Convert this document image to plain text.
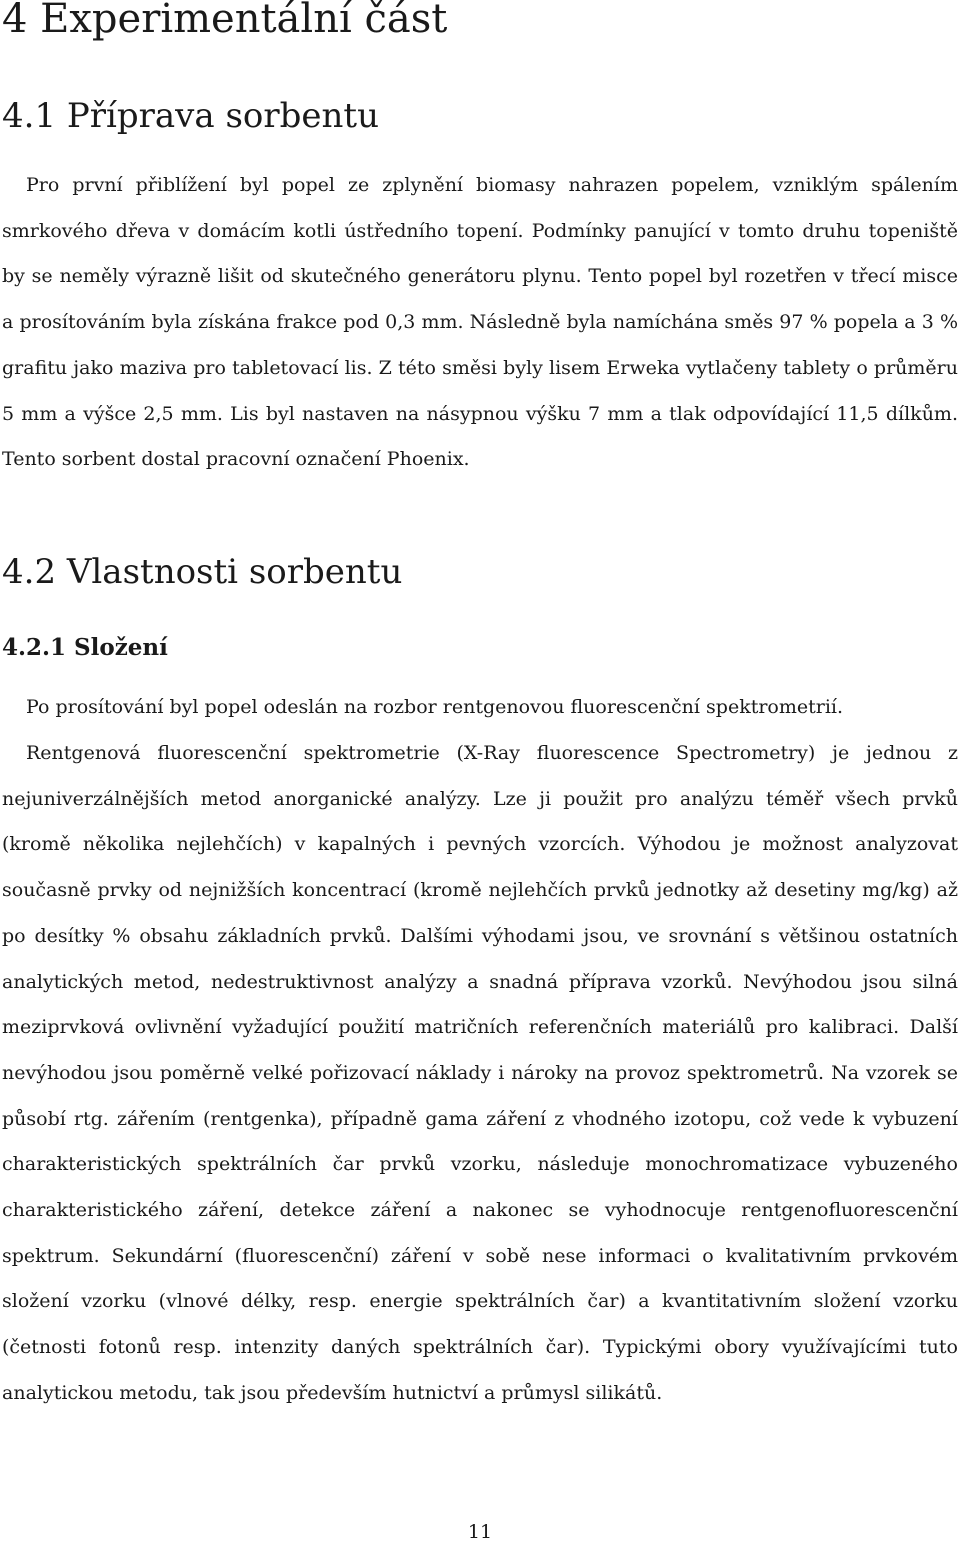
4 Experimentální část
4.1 Příprava sorbentu

Pro první přiblížení byl popel ze zplynění biomasy nahrazen popelem, vzniklým spálením smrkového dřeva v domácím kotli ústředního topení. Podmínky panující v tomto druhu topeniště by se neměly výrazně lišit od skutečného generátoru plynu. Tento popel byl rozetřen v třecí misce a prosítováním byla získána frakce pod 0,3 mm. Následně byla namíchána směs 97 % popela a 3 % grafitu jako maziva pro tabletovací lis. Z této směsi byly lisem Erweka vytlačeny tablety o průměru 5 mm a výšce 2,5 mm. Lis byl nastaven na násypnou výšku 7 mm a tlak odpovídající 11,5 dílkům. Tento sorbent dostal pracovní označení Phoenix.

4.2 Vlastnosti sorbentu
4.2.1 Složení

Po prosítování byl popel odeslán na rozbor rentgenovou fluorescenční spektrometrií.

Rentgenová fluorescenční spektrometrie (X-Ray fluorescence Spectrometry) je jednou z nejuniverzálnějších metod anorganické analýzy. Lze ji použit pro analýzu téměř všech prvků (kromě několika nejlehčích) v kapalných i pevných vzorcích. Výhodou je možnost analyzovat současně prvky od nejnižších koncentrací (kromě nejlehčích prvků jednotky až desetiny mg/kg) až po desítky % obsahu základních prvků. Dalšími výhodami jsou, ve srovnání s většinou ostatních analytických metod, nedestruktivnost analýzy a snadná příprava vzorků. Nevýhodou jsou silná meziprvková ovlivnění vyžadující použití matričních referenčních materiálů pro kalibraci. Další nevýhodou jsou poměrně velké pořizovací náklady i nároky na provoz spektrometrů. Na vzorek se působí rtg. zářením (rentgenka), případně gama záření z vhodného izotopu, což vede k vybuzení charakteristických spektrálních čar prvků vzorku, následuje monochromatizace vybuzeného charakteristického záření, detekce záření a nakonec se vyhodnocuje rentgenofluorescenční spektrum. Sekundární (fluorescenční) záření v sobě nese informaci o kvalitativním prvkovém složení vzorku (vlnové délky, resp. energie spektrálních čar) a kvantitativním složení vzorku (četnosti fotonů resp. intenzity daných spektrálních čar). Typickými obory využívajícími tuto analytickou metodu, tak jsou především hutnictví a průmysl silikátů.

11
